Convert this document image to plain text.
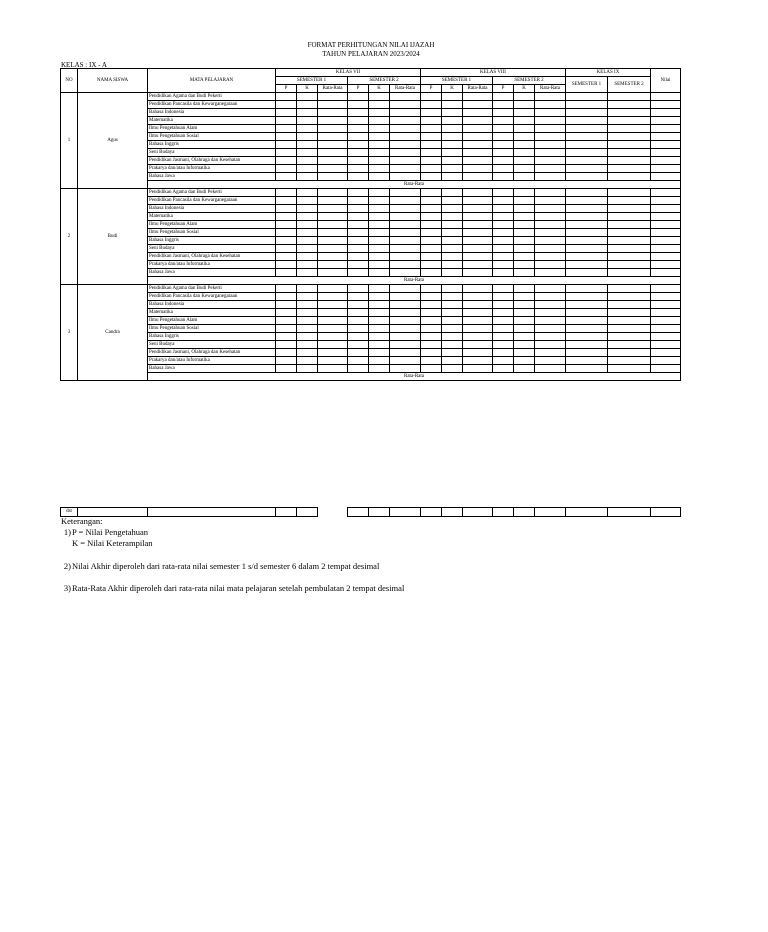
FORMAT PERHITUNGAN NILAI IJAZAH
TAHUN PELAJARAN 2023/2024
KELAS : IX - A
NO	NAMA SISWA	MATA PELAJARAN	KELAS VII						KELAS VIII						KELAS IX		Nilai
			SEMESTER 1			SEMESTER 2			SEMESTER 1			SEMESTER 2			SEMESTER 1	SEMESTER 2	
			P	K	Rata-Rata	P	K	Rata-Rata	P	K	Rata-Rata	P	K	Rata-Rata			
1	Agus	Pendidikan Agama dan Budi Pekerti															
		Pendidikan Pancasila dan Kewarganegaraan															
		Bahasa Indonesia															
		Matematika															
		Ilmu Pengetahuan Alam															
		Ilmu Pengetahuan Sosial															
		Bahasa Inggris															
		Seni Budaya															
		Pendidikan Jasmani, Olahraga dan Kesehatan															
		Prakarya dan/atau Informatika															
		Bahasa Jawa															
		Rata-Rata															
2	Budi	Pendidikan Agama dan Budi Pekerti															
		Pendidikan Pancasila dan Kewarganegaraan															
		Bahasa Indonesia															
		Matematika															
		Ilmu Pengetahuan Alam															
		Ilmu Pengetahuan Sosial															
		Bahasa Inggris															
		Seni Budaya															
		Pendidikan Jasmani, Olahraga dan Kesehatan															
		Prakarya dan/atau Informatika															
		Bahasa Jawa															
		Rata-Rata															
3	Candra	Pendidikan Agama dan Budi Pekerti															
		Pendidikan Pancasila dan Kewarganegaraan															
		Bahasa Indonesia															
		Matematika															
		Ilmu Pengetahuan Alam															
		Ilmu Pengetahuan Sosial															
		Bahasa Inggris															
		Seni Budaya															
		Pendidikan Jasmani, Olahraga dan Kesehatan															
		Prakarya dan/atau Informatika															
		Bahasa Jawa															
		Rata-Rata															
dst																	
Keterangan:
1)P = Nilai Pengetahuan
K = Nilai Keterampilan
2)Nilai Akhir diperoleh dari rata-rata nilai semester 1 s/d semester 6 dalam 2 tempat desimal
3)Rata-Rata Akhir diperoleh dari rata-rata nilai mata pelajaran setelah pembulatan 2 tempat desimal
